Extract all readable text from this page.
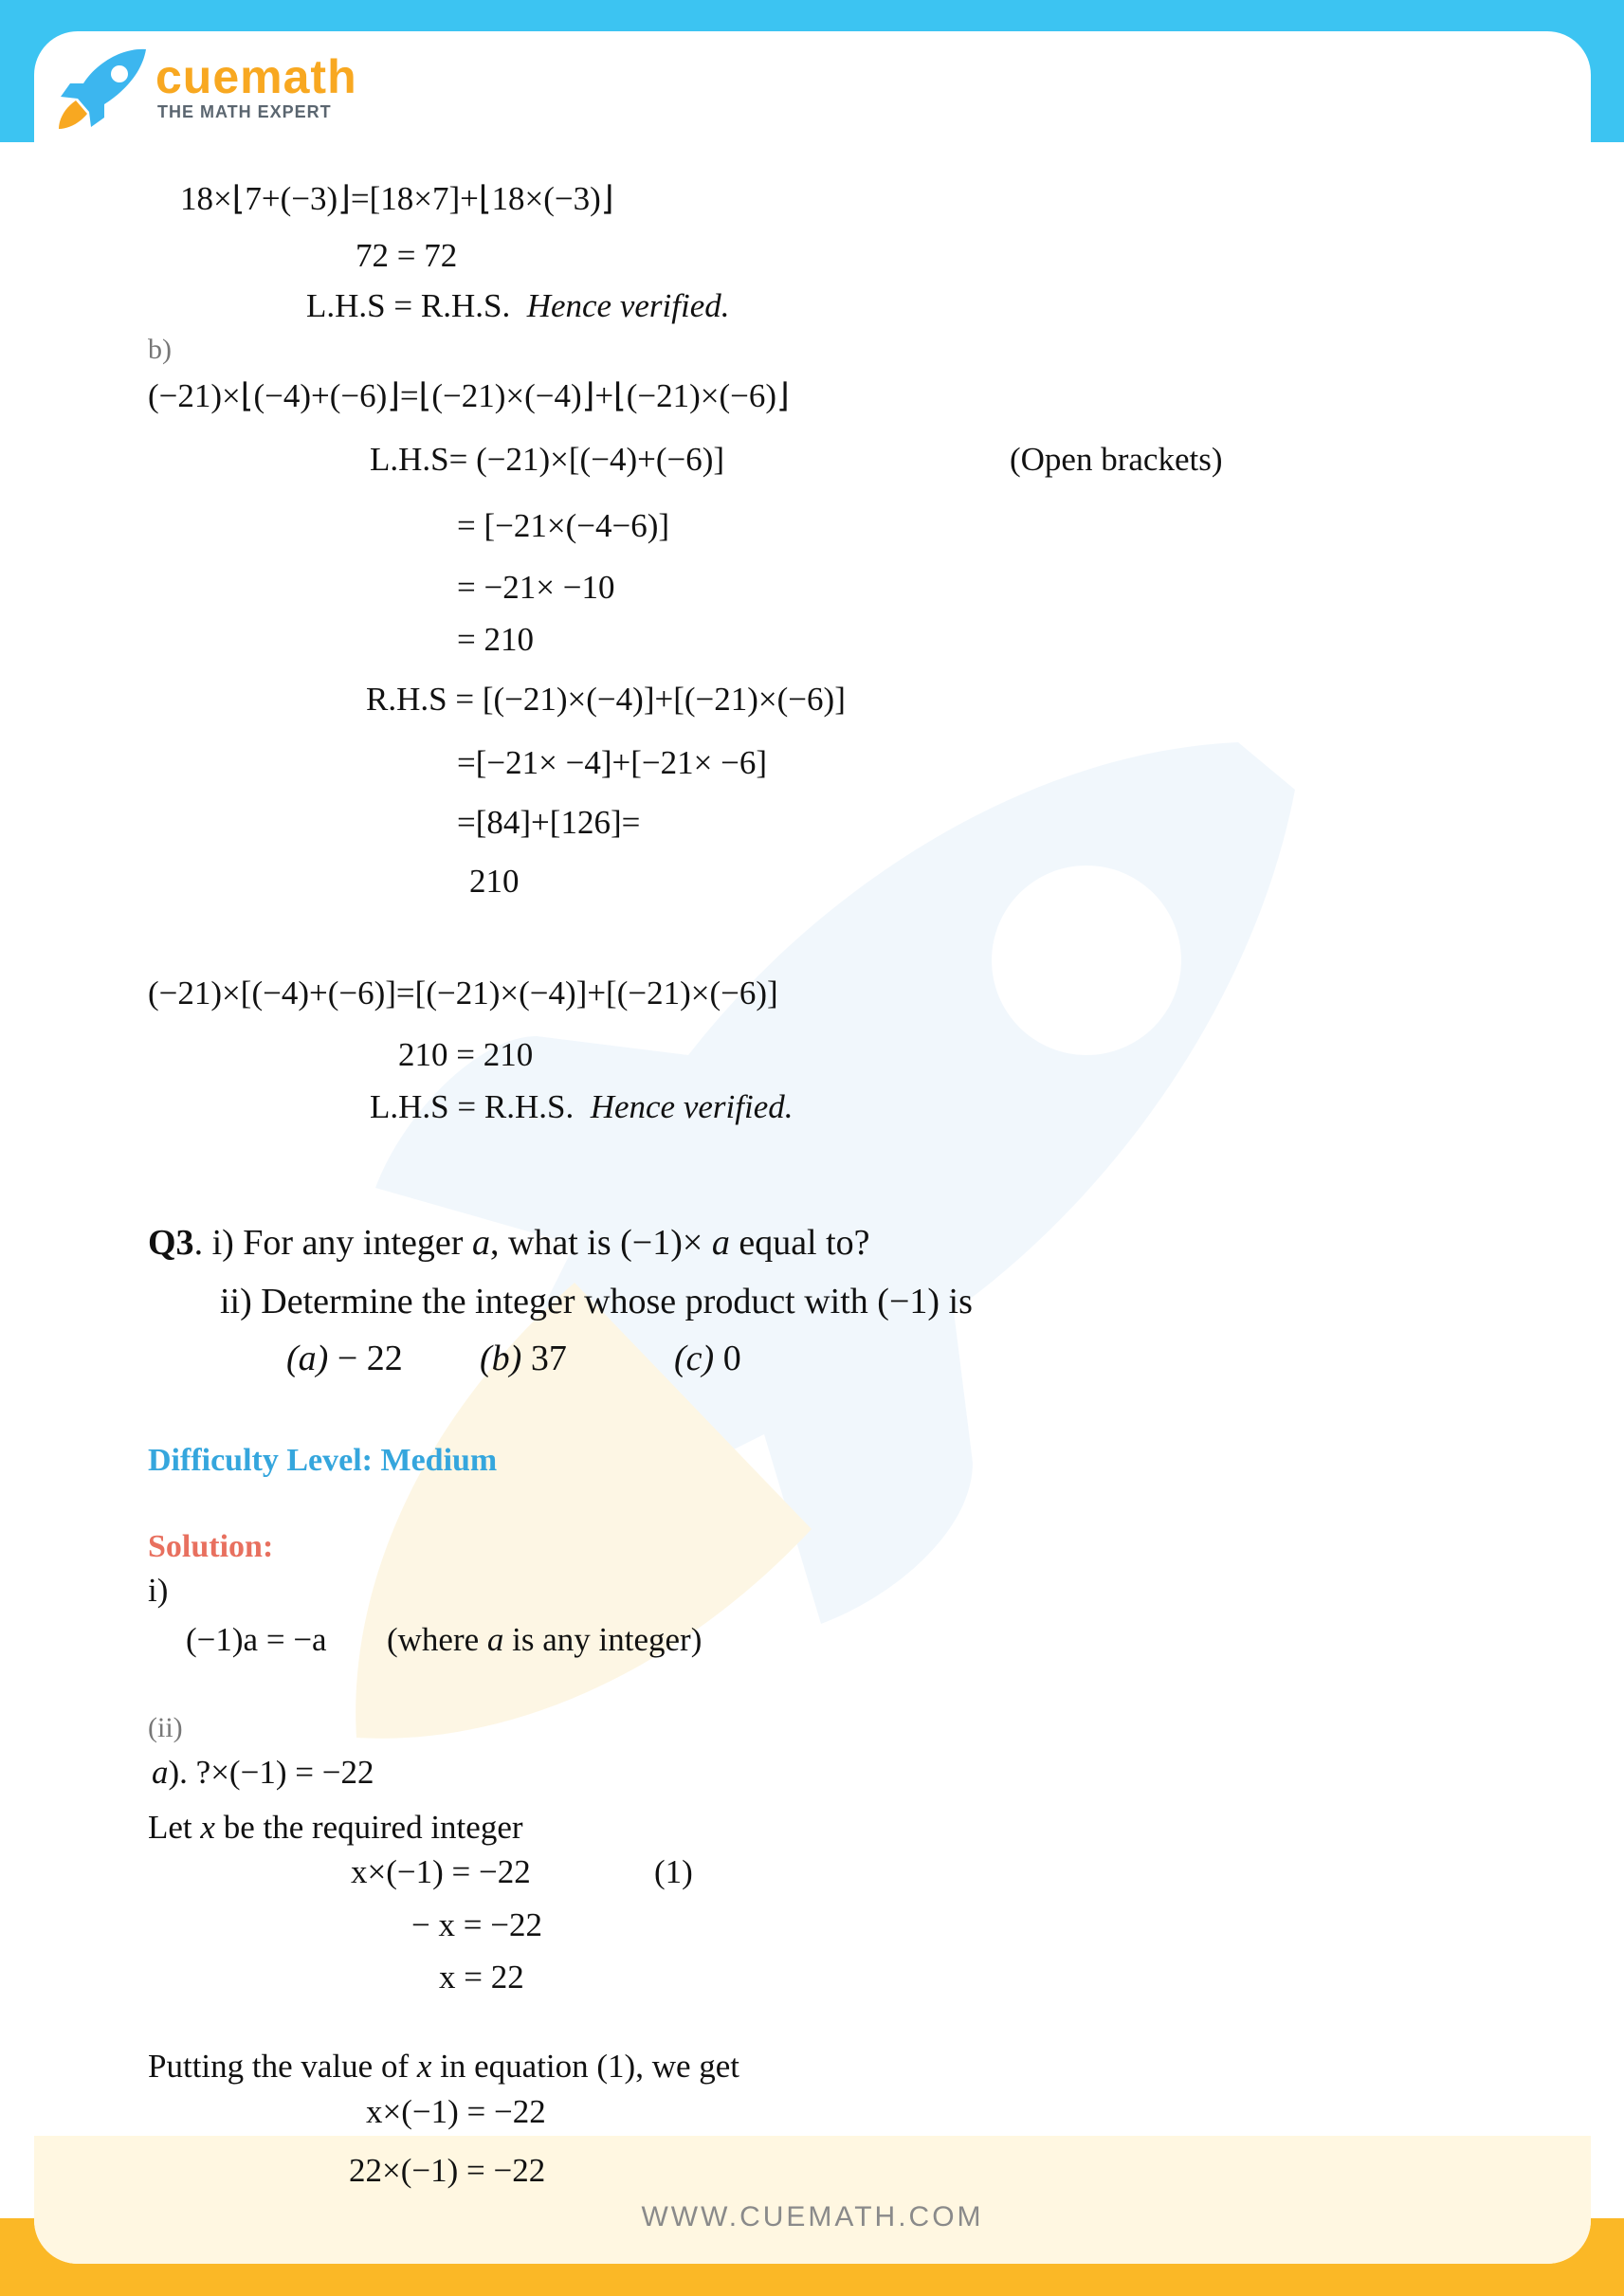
WWW.CUEMATH.COM
cuemath
THE MATH EXPERT
18×⌊7+(−3)⌋=[18×7]+⌊18×(−3)⌋
72 = 72
L.H.S = R.H.S. Hence verified.
b)
(−21)×⌊(−4)+(−6)⌋=⌊(−21)×(−4)⌋+⌊(−21)×(−6)⌋
L.H.S= (−21)×[(−4)+(−6)]	(Open brackets)
= [−21×(−4−6)]
= −21× −10
= 210
R.H.S = [(−21)×(−4)]+[(−21)×(−6)]
=[−21× −4]+[−21× −6]
=[84]+[126]=
210
(−21)×[(−4)+(−6)]=[(−21)×(−4)]+[(−21)×(−6)]
210 = 210
L.H.S = R.H.S. Hence verified.
Q3. i) For any integer a, what is (−1)× a equal to?
ii) Determine the integer whose product with (−1) is
(a) − 22 (b) 37	(c) 0
Difficulty Level: Medium
Solution:
i)
(−1)a = −a (where a is any integer)
(ii)
a). ?×(−1) = −22
Let x be the required integer
x×(−1) = −22	(1)
− x = −22
x = 22
Putting the value of x in equation (1), we get
x×(−1) = −22
22×(−1) = −22
